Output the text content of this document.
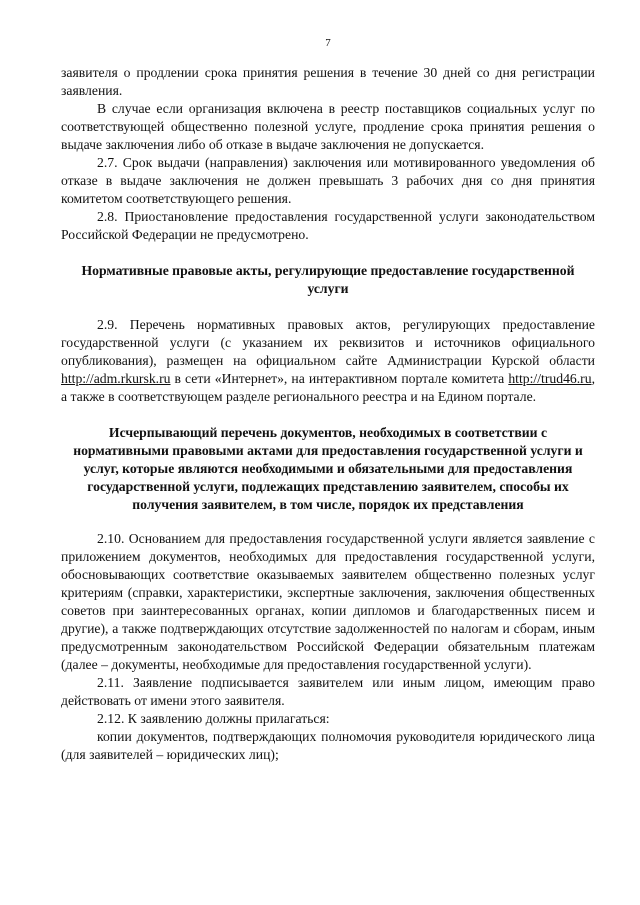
7

заявителя о продлении срока принятия решения в течение 30 дней со дня регистрации заявления.

В случае если организация включена в реестр поставщиков социальных услуг по соответствующей общественно полезной услуге, продление срока принятия решения о выдаче заключения либо об отказе в выдаче заключения не допускается.

2.7. Срок выдачи (направления) заключения или мотивированного уведомления об отказе в выдаче заключения не должен превышать 3 рабочих дня со дня принятия комитетом соответствующего решения.

2.8. Приостановление предоставления государственной услуги законодательством Российской Федерации не предусмотрено.

Нормативные правовые акты, регулирующие предоставление государственной услуги

2.9. Перечень нормативных правовых актов, регулирующих предоставление государственной услуги (с указанием их реквизитов и источников официального опубликования), размещен на официальном сайте Администрации Курской области http://adm.rkursk.ru в сети «Интернет», на интерактивном портале комитета http://trud46.ru, а также в соответствующем разделе регионального реестра и на Едином портале.

Исчерпывающий перечень документов, необходимых в соответствии с нормативными правовыми актами для предоставления государственной услуги и услуг, которые являются необходимыми и обязательными для предоставления государственной услуги, подлежащих представлению заявителем, способы их получения заявителем, в том числе, порядок их представления

2.10. Основанием для предоставления государственной услуги является заявление с приложением документов, необходимых для предоставления государственной услуги, обосновывающих соответствие оказываемых заявителем общественно полезных услуг критериям (справки, характеристики, экспертные заключения, заключения общественных советов при заинтересованных органах, копии дипломов и благодарственных писем и другие), а также подтверждающих отсутствие задолженностей по налогам и сборам, иным предусмотренным законодательством Российской Федерации обязательным платежам (далее – документы, необходимые для предоставления государственной услуги).

2.11. Заявление подписывается заявителем или иным лицом, имеющим право действовать от имени этого заявителя.

2.12. К заявлению должны прилагаться:

копии документов, подтверждающих полномочия руководителя юридического лица (для заявителей – юридических лиц);
